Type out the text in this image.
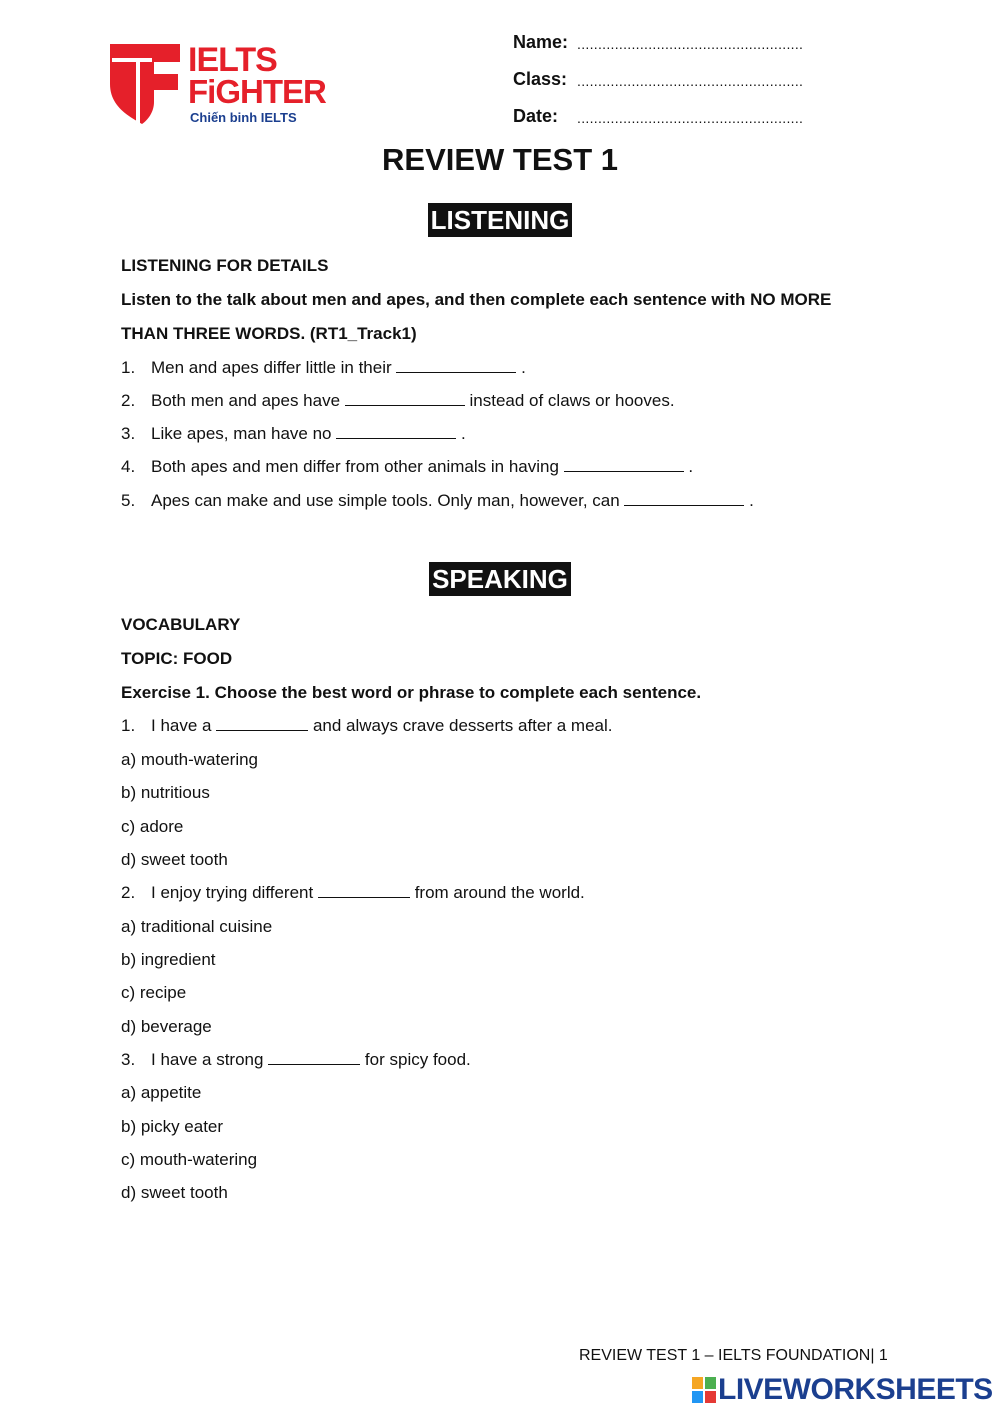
IELTS
FiGHTER
Chiến binh IELTS
Name: ......................................................
Class: ......................................................
Date: ......................................................
REVIEW TEST 1
LISTENING
LISTENING FOR DETAILS
Listen to the talk about men and apes, and then complete each sentence with NO MORE
THAN THREE WORDS. (RT1_Track1)
1. Men and apes differ little in their	.
2. Both men and apes have	instead of claws or hooves.
3. Like apes, man have no	.
4. Both apes and men differ from other animals in having	.
5. Apes can make and use simple tools. Only man, however, can	.
SPEAKING
VOCABULARY
TOPIC: FOOD
Exercise 1. Choose the best word or phrase to complete each sentence.
1. I have a	and always crave desserts after a meal.
a) mouth-watering
b) nutritious
c) adore
d) sweet tooth
2. I enjoy trying different	from around the world.
a) traditional cuisine
b) ingredient
c) recipe
d) beverage
3. I have a strong	for spicy food.
a) appetite
b) picky eater
c) mouth-watering
d) sweet tooth
REVIEW TEST 1 – IELTS FOUNDATION| 1
LIVEWORKSHEETS
